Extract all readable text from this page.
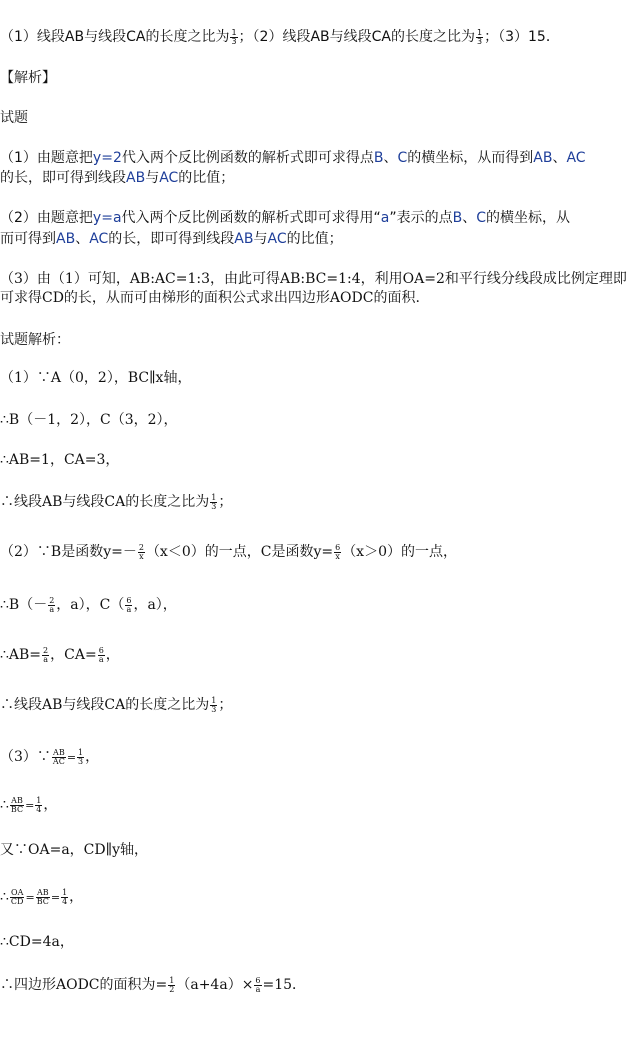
（1）线段AB与线段CA的长度之比为 $\frac{1}{3}$ ；（2）线段AB与线段CA的长度之比为 $\frac{1}{3}$ ；（3）15．
【解析】
试题
（1）由题意把y=2代入两个反比例函数的解析式即可求得点B、C的横坐标，从而得到AB、AC
的长，即可得到线段AB与AC的比值；
（2）由题意把y=a代入两个反比例函数的解析式即可求得用“a”表示的点B、C的横坐标，从
而可得到AB、AC的长，即可得到线段AB与AC的比值；
（3）由（1）可知，AB:AC=1:3，由此可得AB:BC=1:4，利用OA=2和平行线分线段成比例定理即
可求得CD的长，从而可由梯形的面积公式求出四边形AODC的面积.
试题解析：
（1）∵A（0，2），BC∥x轴，
∴B（－1，2），C（3，2），
∴AB=1，CA=3，
∴线段AB与线段CA的长度之比为 $\frac{1}{3}$ ；
（2）∵B是函数$y=- \frac{2}{x} (x<0)$的一点，C是函数$y= \frac{6}{x} (x>0)$的一点，
∴B（－ $\frac{2}{a}$ ，a），$C( \frac{6}{a}$ ，a），
∴AB= $\frac{2}{a}$ ，$CA= \frac{6}{a}$ ，
∴线段AB与线段CA的长度之比为 $\frac{1}{3}$ ；
（3）∵ $\frac{AB}{AC} = \frac{1}{3}$ ，
∴ $\frac{AB}{BC} = \frac{1}{4}$ ，
又∵OA=a，CD∥y轴，
∴ $\frac{OA}{CD} = \frac{AB}{BC} = \frac{1}{4}$ ，
∴CD=4a，
∴四边形AODC的面积为= $\frac{1}{2} (a+4a)\times \frac{6}{a} =15$．
